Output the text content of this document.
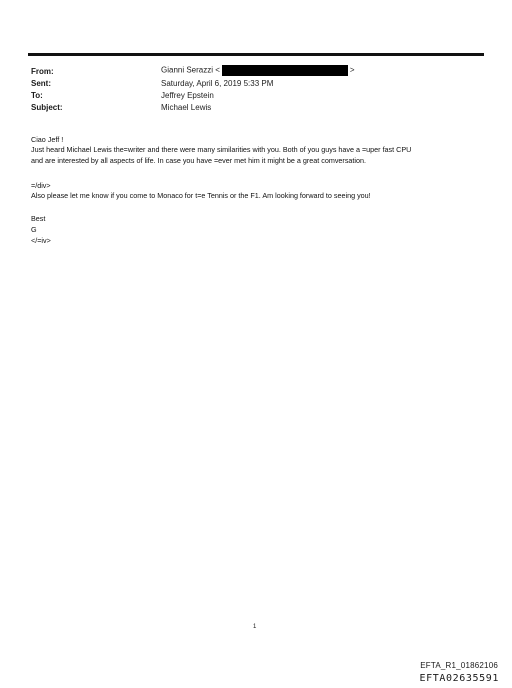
From:	Gianni Serazzi <	>
Sent:	Saturday, April 6, 2019 5:33 PM
To:	Jeffrey Epstein
Subject:	Michael Lewis
Ciao Jeff !
Just heard Michael Lewis the=writer and there were many similarities with you. Both of you guys have a =uper fast CPU
and are interested by all aspects of life. In case you have =ever met him it might be a great comversation.
=/div>
Also please let me know if you come to Monaco for t=e Tennis or the F1. Am looking forward to seeing you!
Best
G
</=iv>
1
EFTA_R1_01862106
EFTA02635591
